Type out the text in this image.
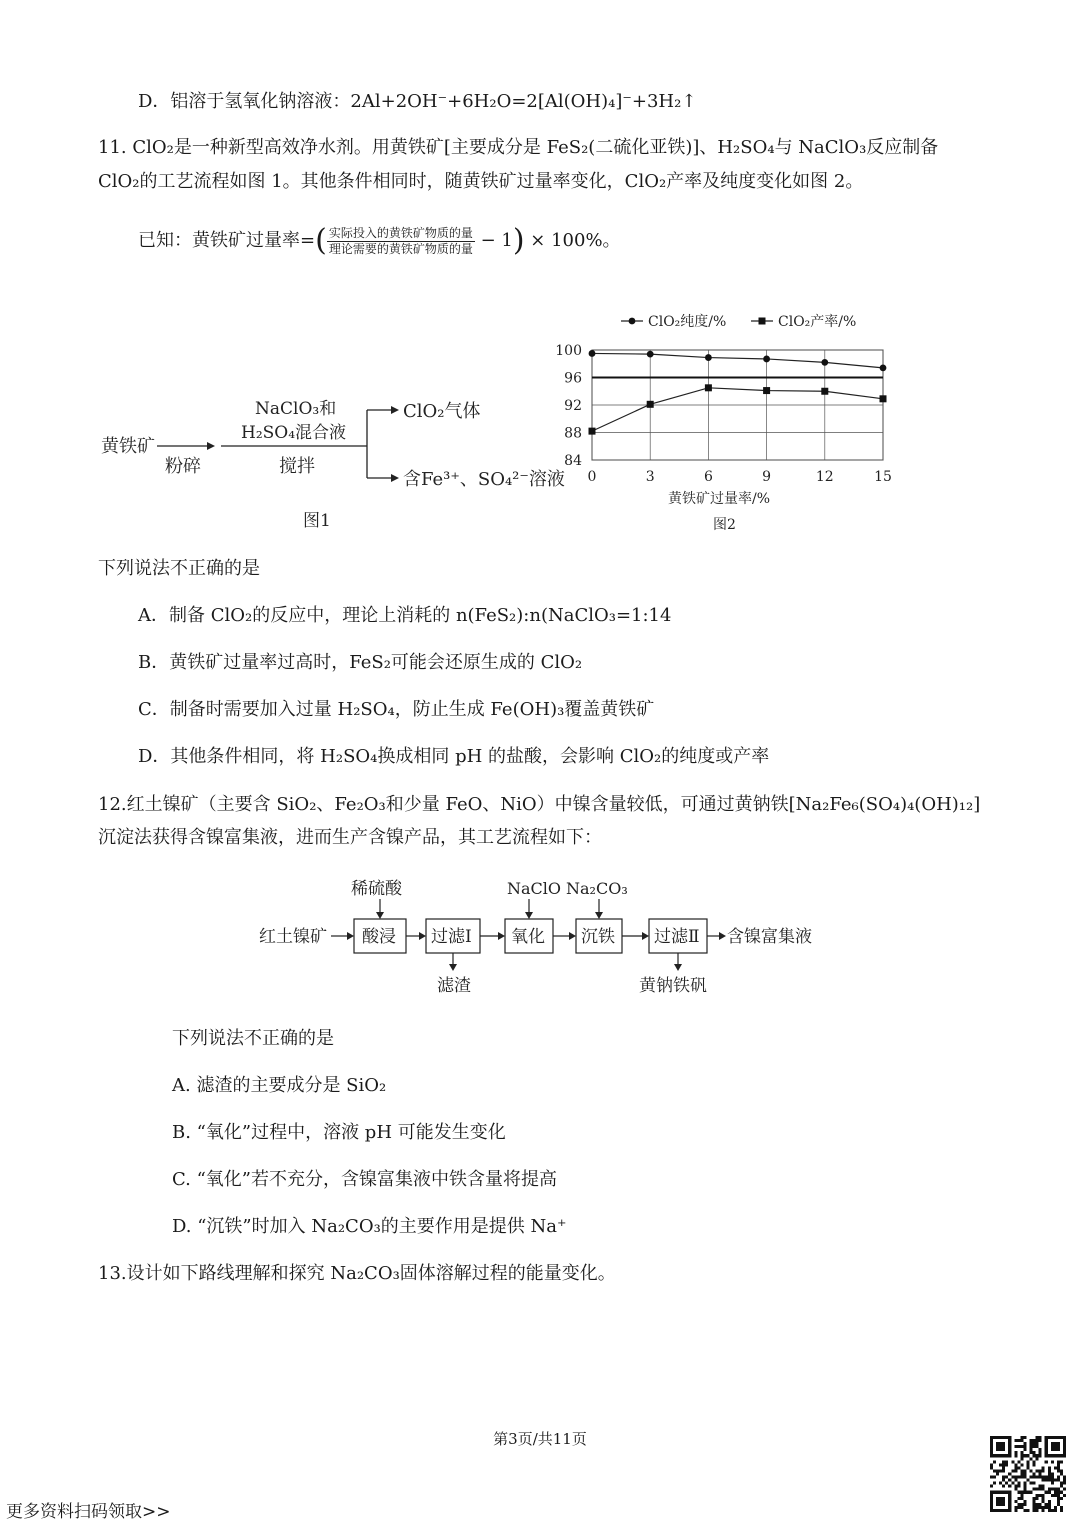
D．铝溶于氢氧化钠溶液：2Al+2OH⁻+6H₂O=2[Al(OH)₄]⁻+3H₂↑
11. ClO₂是一种新型高效净水剂。用黄铁矿[主要成分是 FeS₂(二硫化亚铁)]、H₂SO₄与 NaClO₃反应制备
ClO₂的工艺流程如图 1。其他条件相同时，随黄铁矿过量率变化，ClO₂产率及纯度变化如图 2。
已知：黄铁矿过量率=( $\frac{\text{实际投入的黄铁矿物质的量}}{\text{理论需要的黄铁矿物质的量}} - 1) \times 100\%$。
黄铁矿
粉碎
NaClO₃和
H₂SO₄混合液
搅拌
ClO₂气体
含Fe³⁺、SO₄²⁻溶液
图1
84
88
92
96
100
0	3	6	9	12	15
ClO₂纯度/%	ClO₂产率/%
黄铁矿过量率/%
图2
下列说法不正确的是
A．制备 ClO₂的反应中，理论上消耗的 n(FeS₂):n(NaClO₃=1:14
B．黄铁矿过量率过高时，FeS₂可能会还原生成的 ClO₂
C．制备时需要加入过量 H₂SO₄，防止生成 Fe(OH)₃覆盖黄铁矿
D．其他条件相同，将 H₂SO₄换成相同 pH 的盐酸，会影响 ClO₂的纯度或产率
12.红土镍矿（主要含 SiO₂、Fe₂O₃和少量 FeO、NiO）中镍含量较低，可通过黄钠铁[Na₂Fe₆(SO₄)₄(OH)₁₂]
沉淀法获得含镍富集液，进而生产含镍产品，其工艺流程如下：
红土镍矿 酸浸 过滤Ⅰ 氧化 沉铁 过滤Ⅱ 含镍富集液
稀硫酸	NaClO Na₂CO₃
滤渣	黄钠铁矾
下列说法不正确的是
A. 滤渣的主要成分是 SiO₂
B. “氧化”过程中，溶液 pH 可能发生变化
C. “氧化”若不充分，含镍富集液中铁含量将提高
D. “沉铁”时加入 Na₂CO₃的主要作用是提供 Na⁺
13.设计如下路线理解和探究 Na₂CO₃固体溶解过程的能量变化。
第3页/共11页
更多资料扫码领取>>
